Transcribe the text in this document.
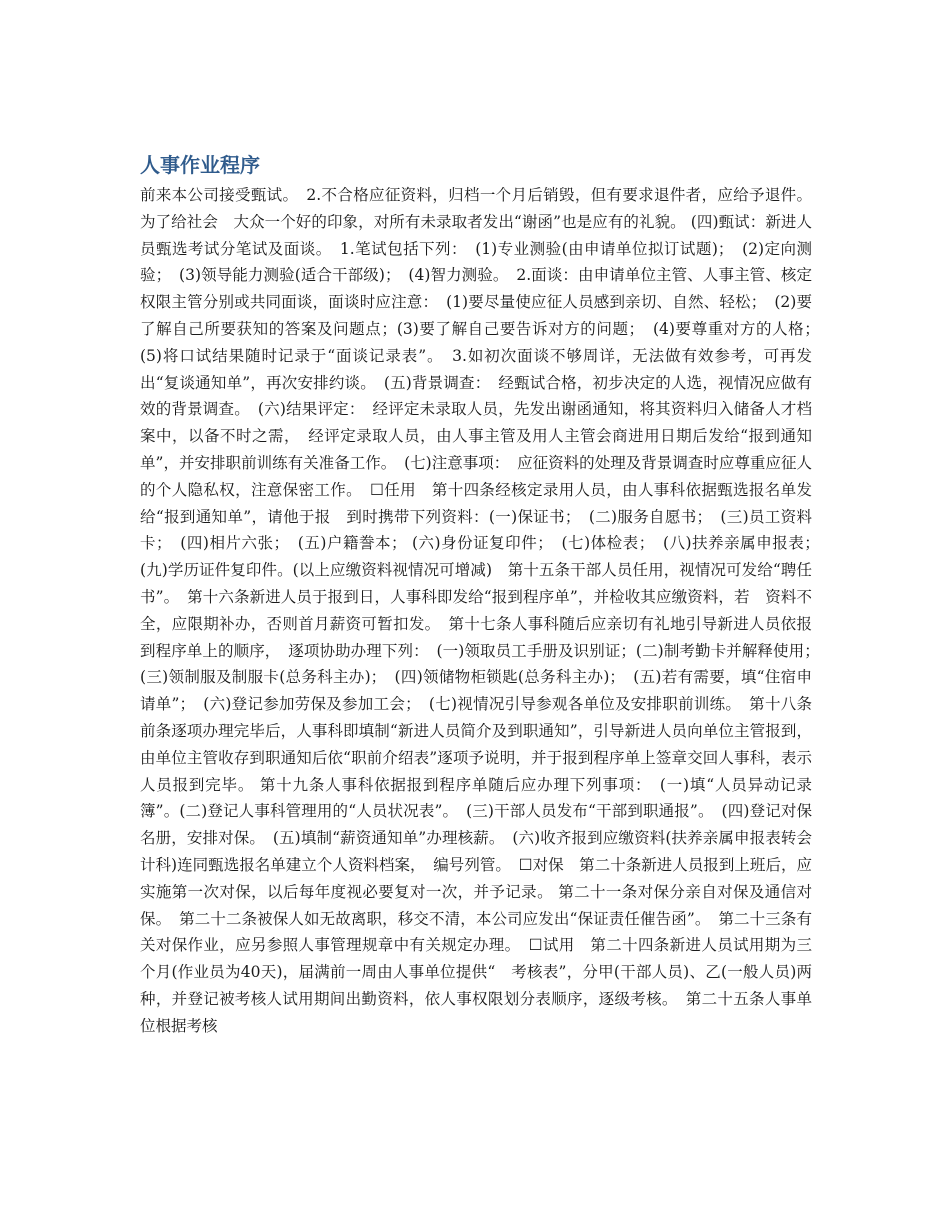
人事作业程序

前来本公司接受甄试。　2.不合格应征资料，归档一个月后销毁，但有要求退件者，应给予退件。为了给社会　大众一个好的印象，对所有未录取者发出“谢函”也是应有的礼貌。 (四)甄试：新进人员甄选考试分笔试及面谈。　1.笔试包括下列：　(1)专业测验(由申请单位拟订试题)；　(2)定向测验；　(3)领导能力测验(适合干部级)；　(4)智力测验。　2.面谈：由申请单位主管、人事主管、核定权限主管分别或共同面谈，面谈时应注意：　(1)要尽量使应征人员感到亲切、自然、轻松；　(2)要了解自己所要获知的答案及问题点；(3)要了解自己要告诉对方的问题；　(4)要尊重对方的人格；　(5)将口试结果随时记录于“面谈记录表”。　3.如初次面谈不够周详，无法做有效参考，可再发出“复谈通知单”，再次安排约谈。　(五)背景调查：　经甄试合格，初步决定的人选，视情况应做有效的背景调查。　(六)结果评定：　经评定未录取人员，先发出谢函通知，将其资料归入储备人才档案中，以备不时之需，　经评定录取人员，由人事主管及用人主管会商进用日期后发给“报到通知单”，并安排职前训练有关准备工作。　(七)注意事项：　应征资料的处理及背景调查时应尊重应征人的个人隐私权，注意保密工作。　☐任用　第十四条经核定录用人员，由人事科依据甄选报名单发给“报到通知单”，请他于报　到时携带下列资料：(一)保证书；　(二)服务自愿书；　(三)员工资料卡；　(四)相片六张；　(五)户籍誊本； (六)身份证复印件；　(七)体检表；　(八)扶养亲属申报表；　(九)学历证件复印件。(以上应缴资料视情况可增减)　第十五条干部人员任用，视情况可发给“聘任书”。　第十六条新进人员于报到日，人事科即发给“报到程序单”，并检收其应缴资料，若　资料不全，应限期补办，否则首月薪资可暂扣发。　第十七条人事科随后应亲切有礼地引导新进人员依报到程序单上的顺序，　逐项协助办理下列：　(一)领取员工手册及识别证；(二)制考勤卡并解释使用；　(三)领制服及制服卡(总务科主办)；　(四)领储物柜锁匙(总务科主办)；　(五)若有需要，填“住宿申请单”；　(六)登记参加劳保及参加工会；　(七)视情况引导参观各单位及安排职前训练。　第十八条前条逐项办理完毕后，人事科即填制“新进人员简介及到职通知”，引导新进人员向单位主管报到，由单位主管收存到职通知后依“职前介绍表”逐项予说明，并于报到程序单上签章交回人事科，表示人员报到完毕。 第十九条人事科依据报到程序单随后应办理下列事项：　(一)填“人员异动记录簿”。(二)登记人事科管理用的“人员状况表”。　(三)干部人员发布“干部到职通报”。　(四)登记对保名册，安排对保。　(五)填制“薪资通知单”办理核薪。　(六)收齐报到应缴资料(扶养亲属申报表转会计科)连同甄选报名单建立个人资料档案，　编号列管。　☐对保　第二十条新进人员报到上班后，应实施第一次对保，以后每年度视必要复对一次，并予记录。 第二十一条对保分亲自对保及通信对保。　第二十二条被保人如无故离职，移交不清，本公司应发出“保证责任催告函”。　第二十三条有关对保作业，应另参照人事管理规章中有关规定办理。　☐试用　第二十四条新进人员试用期为三个月(作业员为40天)，届满前一周由人事单位提供“　考核表”，分甲(干部人员)、乙(一般人员)两种，并登记被考核人试用期间出勤资料，依人事权限划分表顺序，逐级考核。　第二十五条人事单位根据考核
